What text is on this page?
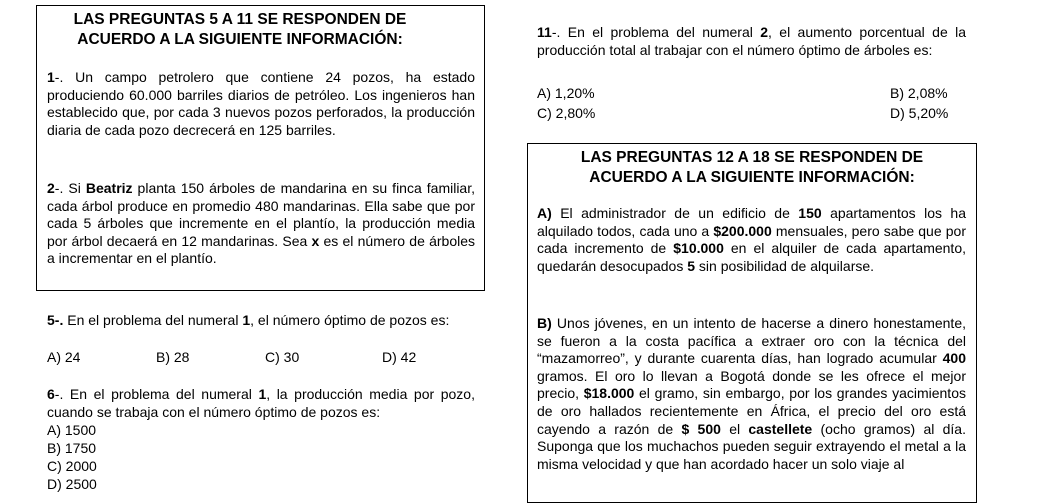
LAS PREGUNTAS 5 A 11 SE RESPONDEN DE
ACUERDO A LA SIGUIENTE INFORMACIÓN:
1-. Un campo petrolero que contiene 24 pozos, ha estado produciendo 60.000 barriles diarios de petróleo. Los ingenieros han establecido que, por cada 3 nuevos pozos perforados, la producción diaria de cada pozo decrecerá en 125 barriles.
2-. Si Beatriz planta 150 árboles de mandarina en su finca familiar, cada árbol produce en promedio 480 mandarinas. Ella sabe que por cada 5 árboles que incremente en el plantío, la producción media por árbol decaerá en 12 mandarinas. Sea x es el número de árboles a incrementar en el plantío.
5-. En el problema del numeral 1, el número óptimo de pozos es:
A) 24	B) 28	C) 30	D) 42
6-. En el problema del numeral 1, la producción media por pozo, cuando se trabaja con el número óptimo de pozos es:
A) 1500
B) 1750
C) 2000
D) 2500
11-. En el problema del numeral 2, el aumento porcentual de la producción total al trabajar con el número óptimo de árboles es:
A) 1,20%	B) 2,08%
C) 2,80%	D) 5,20%
LAS PREGUNTAS 12 A 18 SE RESPONDEN DE
ACUERDO A LA SIGUIENTE INFORMACIÓN:
A) El administrador de un edificio de 150 apartamentos los ha alquilado todos, cada uno a $200.000 mensuales, pero sabe que por cada incremento de $10.000 en el alquiler de cada apartamento, quedarán desocupados 5 sin posibilidad de alquilarse.
B) Unos jóvenes, en un intento de hacerse a dinero honestamente, se fueron a la costa pacífica a extraer oro con la técnica del “mazamorreo”, y durante cuarenta días, han logrado acumular 400 gramos. El oro lo llevan a Bogotá donde se les ofrece el mejor precio, $18.000 el gramo, sin embargo, por los grandes yacimientos de oro hallados recientemente en África, el precio del oro está cayendo a razón de $ 500 el castellete (ocho gramos) al día. Suponga que los muchachos pueden seguir extrayendo el metal a la misma velocidad y que han acordado hacer un solo viaje al
